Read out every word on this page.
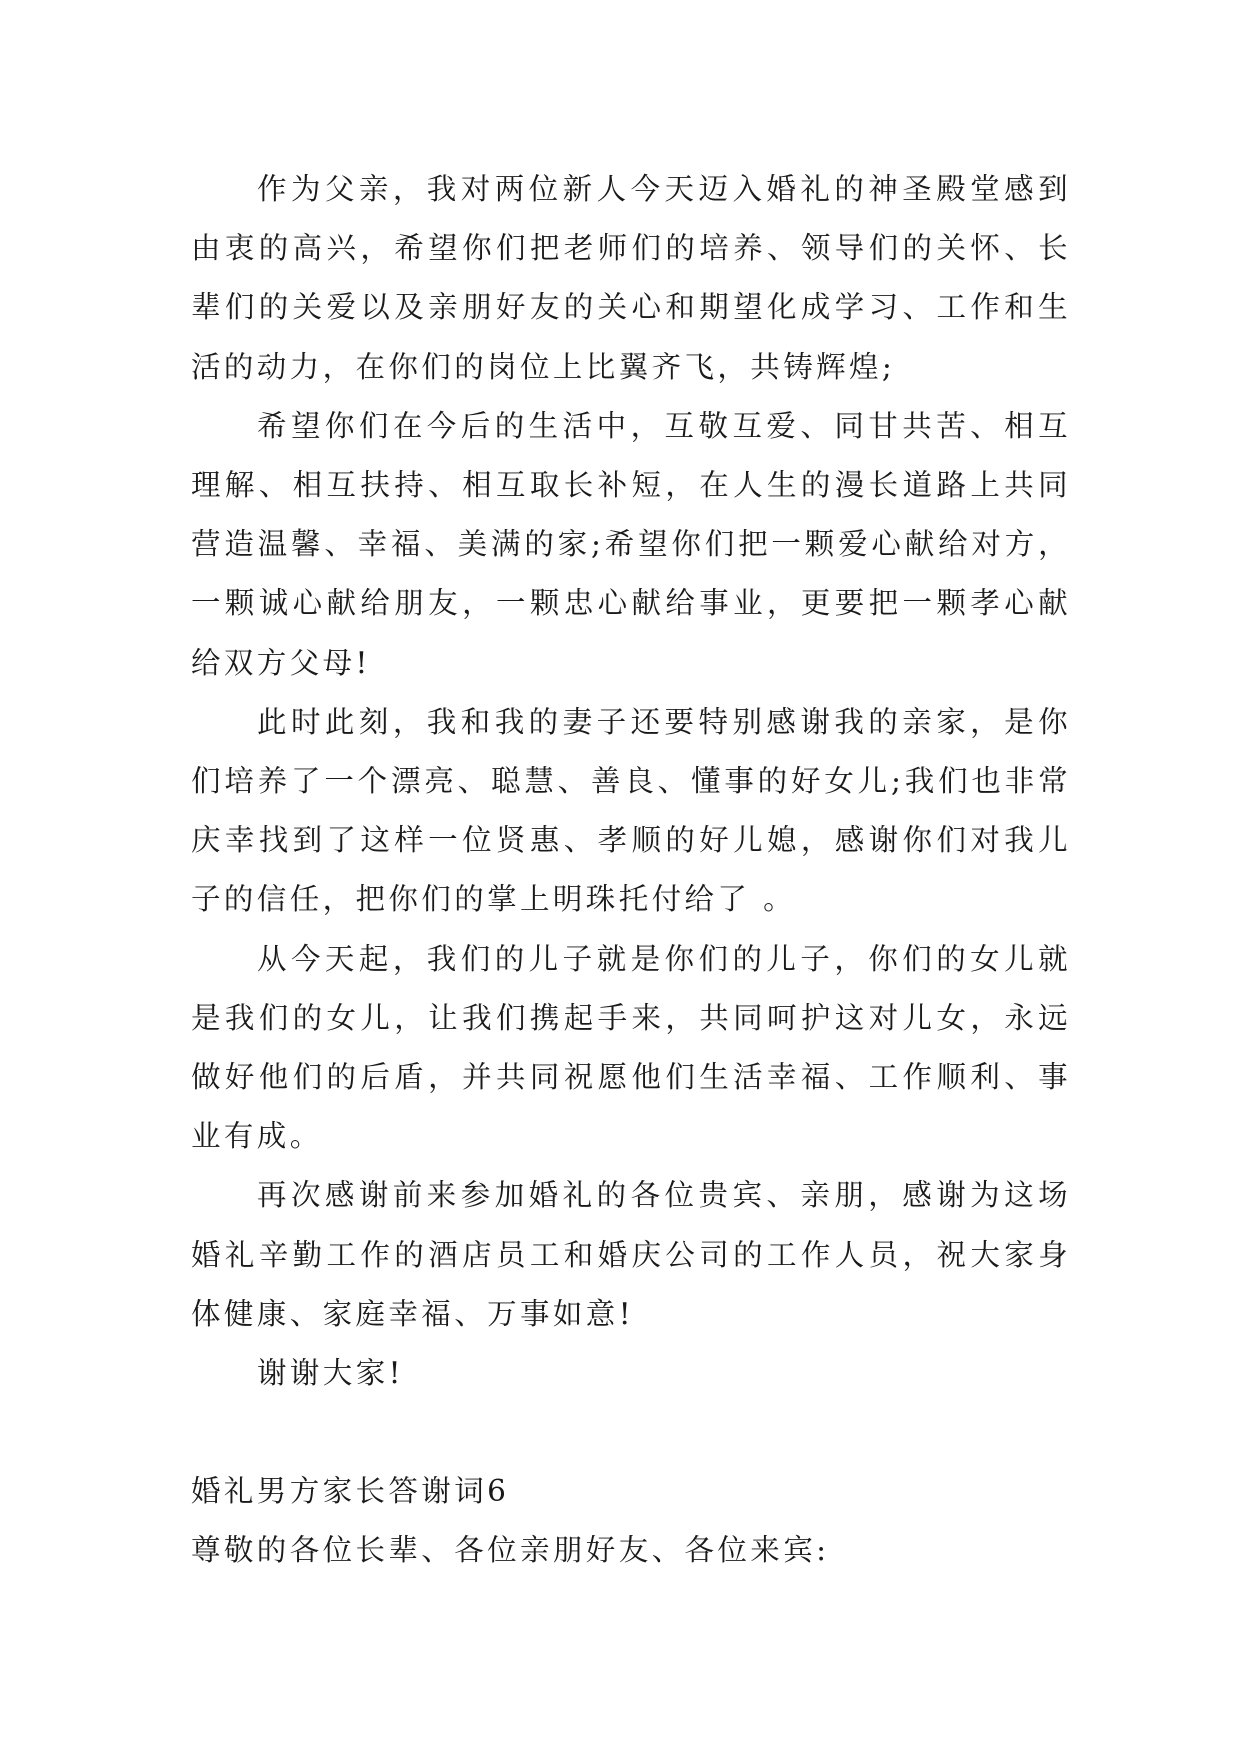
作为父亲，我对两位新人今天迈入婚礼的神圣殿堂感到由衷的高兴，希望你们把老师们的培养、领导们的关怀、长辈们的关爱以及亲朋好友的关心和期望化成学习、工作和生活的动力，在你们的岗位上比翼齐飞，共铸辉煌;

希望你们在今后的生活中，互敬互爱、同甘共苦、相互理解、相互扶持、相互取长补短，在人生的漫长道路上共同营造温馨、幸福、美满的家;希望你们把一颗爱心献给对方，一颗诚心献给朋友，一颗忠心献给事业，更要把一颗孝心献给双方父母!

此时此刻，我和我的妻子还要特别感谢我的亲家，是你们培养了一个漂亮、聪慧、善良、懂事的好女儿;我们也非常庆幸找到了这样一位贤惠、孝顺的好儿媳，感谢你们对我儿子的信任，把你们的掌上明珠托付给了 。

从今天起，我们的儿子就是你们的儿子，你们的女儿就是我们的女儿，让我们携起手来，共同呵护这对儿女，永远做好他们的后盾，并共同祝愿他们生活幸福、工作顺利、事业有成。

再次感谢前来参加婚礼的各位贵宾、亲朋，感谢为这场婚礼辛勤工作的酒店员工和婚庆公司的工作人员，祝大家身体健康、家庭幸福、万事如意!

谢谢大家!

婚礼男方家长答谢词6

尊敬的各位长辈、各位亲朋好友、各位来宾:
